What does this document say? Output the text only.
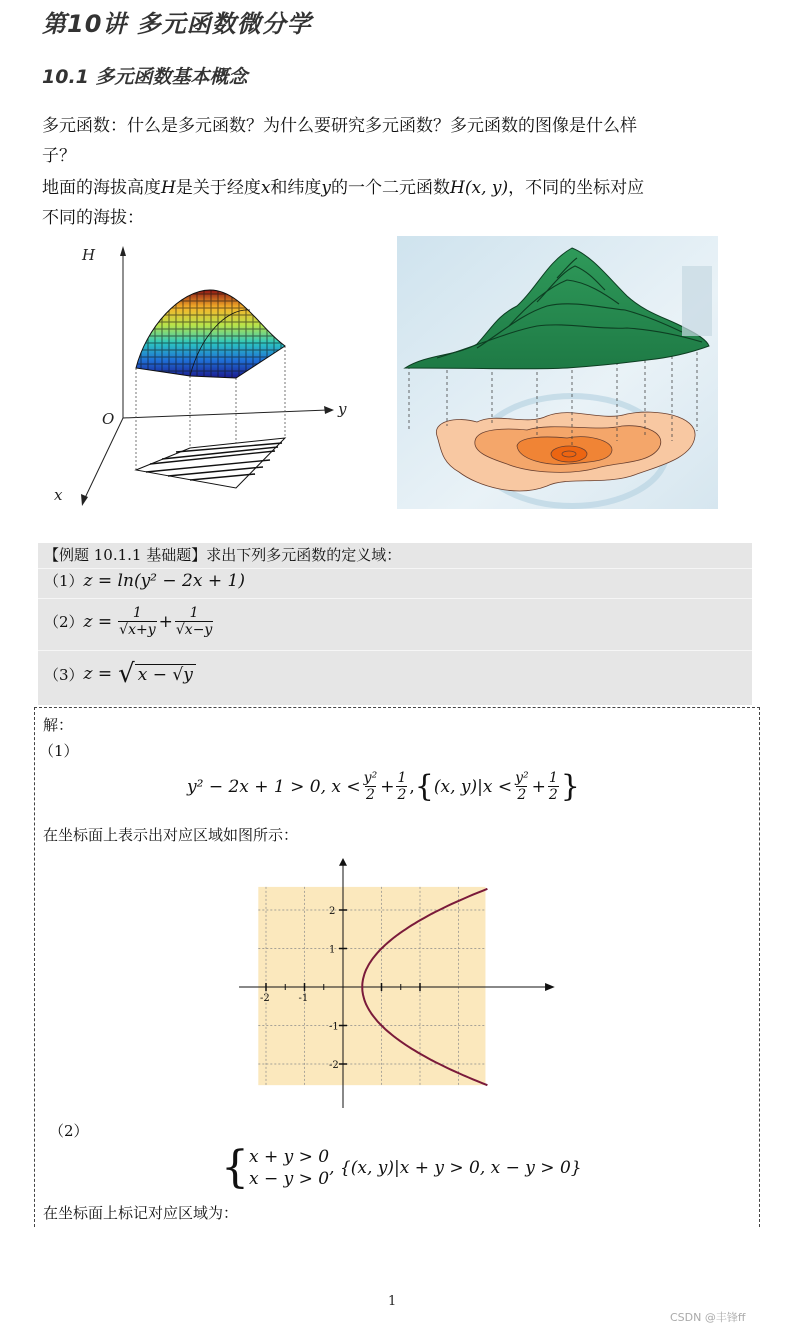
第10讲 多元函数微分学
10.1 多元函数基本概念
多元函数：什么是多元函数？为什么要研究多元函数？多元函数的图像是什么样
子？
地面的海拔高度H是关于经度x和纬度y的一个二元函数H(x, y)，不同的坐标对应
不同的海拔：
H
O
y
x
【例题 10.1.1 基础题】求出下列多元函数的定义域：
（1）z = ln(y² − 2x + 1)
（2） $z = \frac{1}{√x+y} + \frac{1}{√x-y}$
（3） z = √ x − √y
解：
（1）
y² − 2x + 1 > 0, $x < \frac{\text{y²}}{2} + \frac{1}{2}$ , { (x, $y)|x < \frac{\text{y²}}{2} + \frac{1}{2}$ }
在坐标面上表示出对应区域如图所示：
-2	-1
2
1
-1
-2
（2）
{ x + y > 0
x − y > 0
, {(x, y)|x + y > 0, x − y > 0}
在坐标面上标记对应区域为：
1
CSDN @丰锋ff
